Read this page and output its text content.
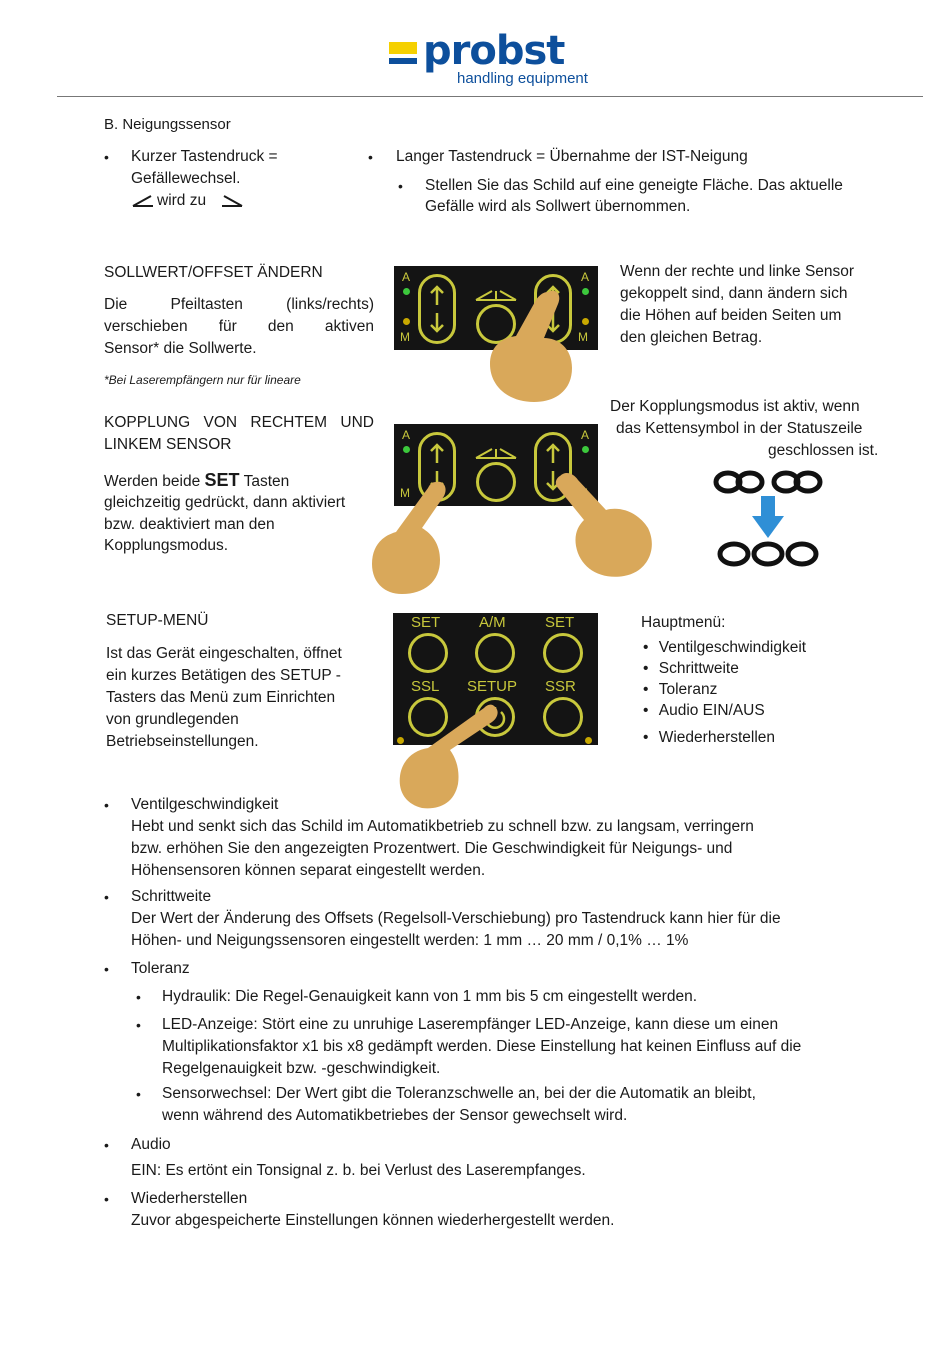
probst
handling equipment
B. Neigungssensor
• Kurzer Tastendruck =
Gefällewechsel.
wird zu
• Langer Tastendruck = Übernahme der IST-Neigung
• Stellen Sie das Schild auf eine geneigte Fläche. Das aktuelle
Gefälle wird als Sollwert übernommen.
SOLLWERT/OFFSET ÄNDERN
Die Pfeiltasten (links/rechts)
verschieben für den aktiven
Sensor* die Sollwerte.
*Bei Laserempfängern nur für lineare
A
M
A
M
Wenn der rechte und linke Sensor
gekoppelt sind, dann ändern sich
die Höhen auf beiden Seiten um
den gleichen Betrag.
KOPPLUNG VON RECHTEM UND
LINKEM SENSOR
Werden beide SET Tasten
gleichzeitig gedrückt, dann aktiviert
bzw. deaktiviert man den
Kopplungsmodus.
A
M
A
Der Kopplungsmodus ist aktiv, wenn
das Kettensymbol in der Statuszeile
geschlossen ist.
SETUP-MENÜ
Ist das Gerät eingeschalten, öffnet
ein kurzes Betätigen des SETUP -
Tasters das Menü zum Einrichten
von grundlegenden
Betriebseinstellungen.
SET	A/M	SET
SSL SETUP SSR
Hauptmenü:
• Ventilgeschwindigkeit
• Schrittweite
• Toleranz
• Audio EIN/AUS
• Wiederherstellen
• Ventilgeschwindigkeit
Hebt und senkt sich das Schild im Automatikbetrieb zu schnell bzw. zu langsam, verringern
bzw. erhöhen Sie den angezeigten Prozentwert. Die Geschwindigkeit für Neigungs- und
Höhensensoren können separat eingestellt werden.
• Schrittweite
Der Wert der Änderung des Offsets (Regelsoll-Verschiebung) pro Tastendruck kann hier für die
Höhen- und Neigungssensoren eingestellt werden: 1 mm … 20 mm / 0,1% … 1%
• Toleranz
• Hydraulik: Die Regel-Genauigkeit kann von 1 mm bis 5 cm eingestellt werden.
• LED-Anzeige: Stört eine zu unruhige Laserempfänger LED-Anzeige, kann diese um einen
Multiplikationsfaktor x1 bis x8 gedämpft werden. Diese Einstellung hat keinen Einfluss auf die
Regelgenauigkeit bzw. -geschwindigkeit.
• Sensorwechsel: Der Wert gibt die Toleranzschwelle an, bei der die Automatik an bleibt,
wenn während des Automatikbetriebes der Sensor gewechselt wird.
• Audio
EIN: Es ertönt ein Tonsignal z. b. bei Verlust des Laserempfanges.
• Wiederherstellen
Zuvor abgespeicherte Einstellungen können wiederhergestellt werden.
